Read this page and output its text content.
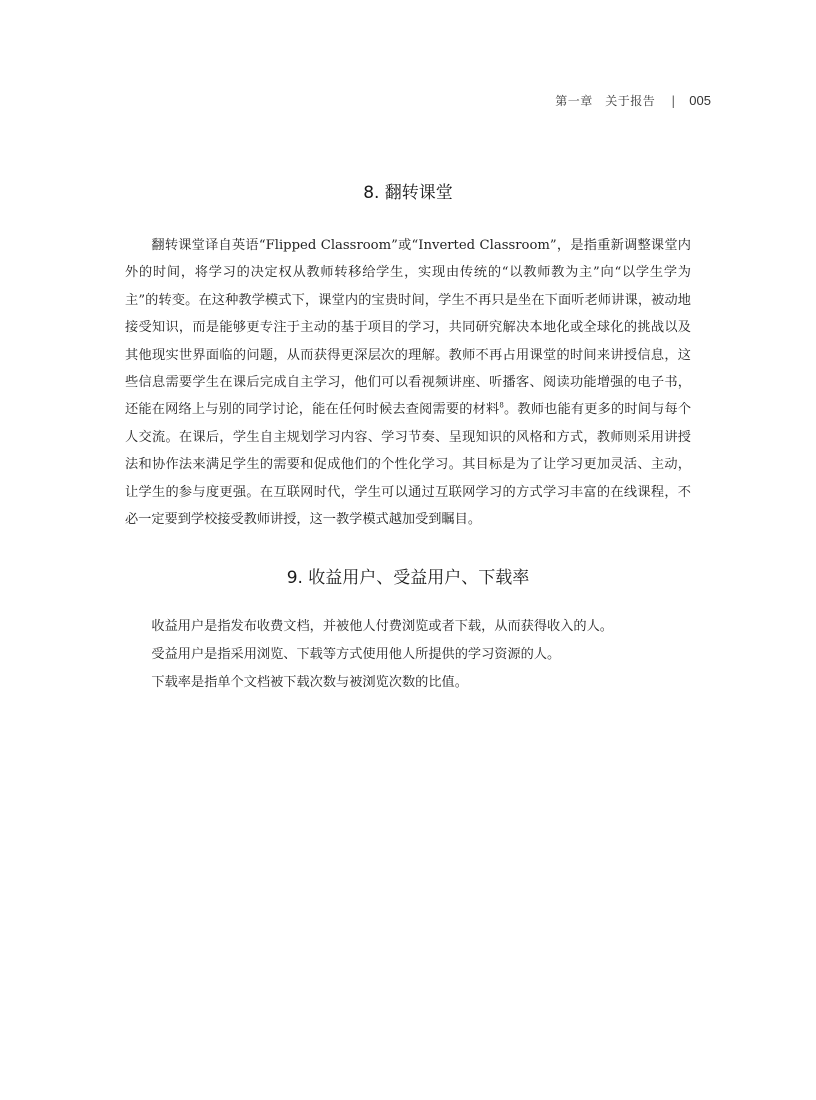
第一章　关于报告 | 005
8. 翻转课堂

翻转课堂译自英语“Flipped Classroom”或“Inverted Classroom”，是指重新调整课堂内外的时间，将学习的决定权从教师转移给学生，实现由传统的“以教师教为主”向“以学生学为主”的转变。在这种教学模式下，课堂内的宝贵时间，学生不再只是坐在下面听老师讲课，被动地接受知识，而是能够更专注于主动的基于项目的学习，共同研究解决本地化或全球化的挑战以及其他现实世界面临的问题，从而获得更深层次的理解。教师不再占用课堂的时间来讲授信息，这些信息需要学生在课后完成自主学习，他们可以看视频讲座、听播客、阅读功能增强的电子书，还能在网络上与别的同学讨论，能在任何时候去查阅需要的材料$^8$。教师也能有更多的时间与每个人交流。在课后，学生自主规划学习内容、学习节奏、呈现知识的风格和方式，教师则采用讲授法和协作法来满足学生的需要和促成他们的个性化学习。其目标是为了让学习更加灵活、主动，让学生的参与度更强。在互联网时代，学生可以通过互联网学习的方式学习丰富的在线课程，不必一定要到学校接受教师讲授，这一教学模式越加受到瞩目。

9. 收益用户、受益用户、下载率

收益用户是指发布收费文档，并被他人付费浏览或者下载，从而获得收入的人。

受益用户是指采用浏览、下载等方式使用他人所提供的学习资源的人。

下载率是指单个文档被下载次数与被浏览次数的比值。
